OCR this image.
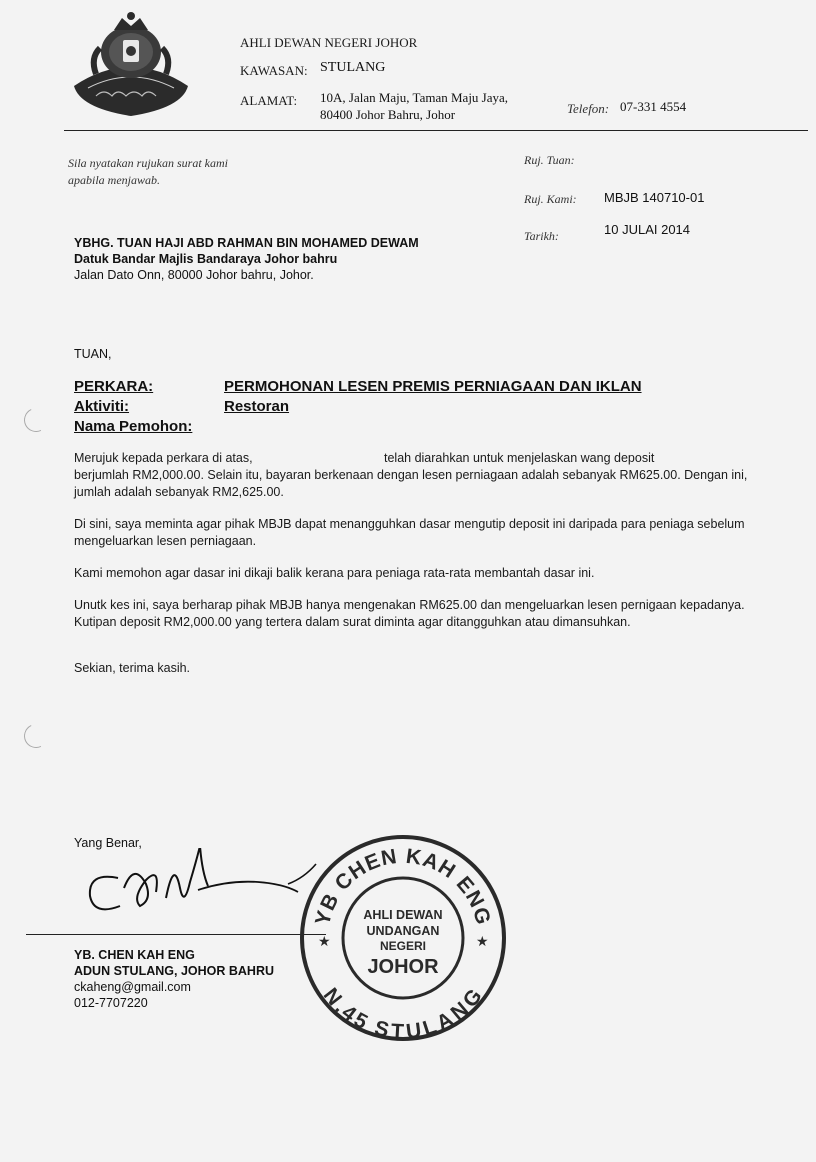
AHLI DEWAN NEGERI JOHOR
KAWASAN: STULANG
ALAMAT: 10A, Jalan Maju, Taman Maju Jaya,
80400 Johor Bahru, Johor	Telefon: 07-331 4554
Sila nyatakan rujukan surat kami
apabila menjawab.
Ruj. Tuan:
Ruj. Kami: MBJB 140710-01
Tarikh:	10 JULAI 2014
YBHG. TUAN HAJI ABD RAHMAN BIN MOHAMED DEWAM
Datuk Bandar Majlis Bandaraya Johor bahru
Jalan Dato Onn, 80000 Johor bahru, Johor.
TUAN,
PERKARA:	PERMOHONAN LESEN PREMIS PERNIAGAAN DAN IKLAN
Aktiviti:	Restoran
Nama Pemohon:
Merujuk kepada perkara di atas,	telah diarahkan untuk menjelaskan wang deposit

berjumlah RM2,000.00. Selain itu, bayaran berkenaan dengan lesen perniagaan adalah sebanyak RM625.00. Dengan ini, jumlah adalah sebanyak RM2,625.00.

Di sini, saya meminta agar pihak MBJB dapat menangguhkan dasar mengutip deposit ini daripada para peniaga sebelum mengeluarkan lesen perniagaan.

Kami memohon agar dasar ini dikaji balik kerana para peniaga rata-rata membantah dasar ini.

Unutk kes ini, saya berharap pihak MBJB hanya mengenakan RM625.00 dan mengeluarkan lesen pernigaan kepadanya. Kutipan deposit RM2,000.00 yang tertera dalam surat diminta agar ditangguhkan atau dimansuhkan.

Sekian, terima kasih.

Yang Benar,
YB. CHEN KAH ENG
ADUN STULANG, JOHOR BAHRU
ckaheng@gmail.com
012-7707220
YB CHEN KAH ENG
N.45 STULANG
★	★
AHLI DEWAN
UNDANGAN
NEGERI
JOHOR
